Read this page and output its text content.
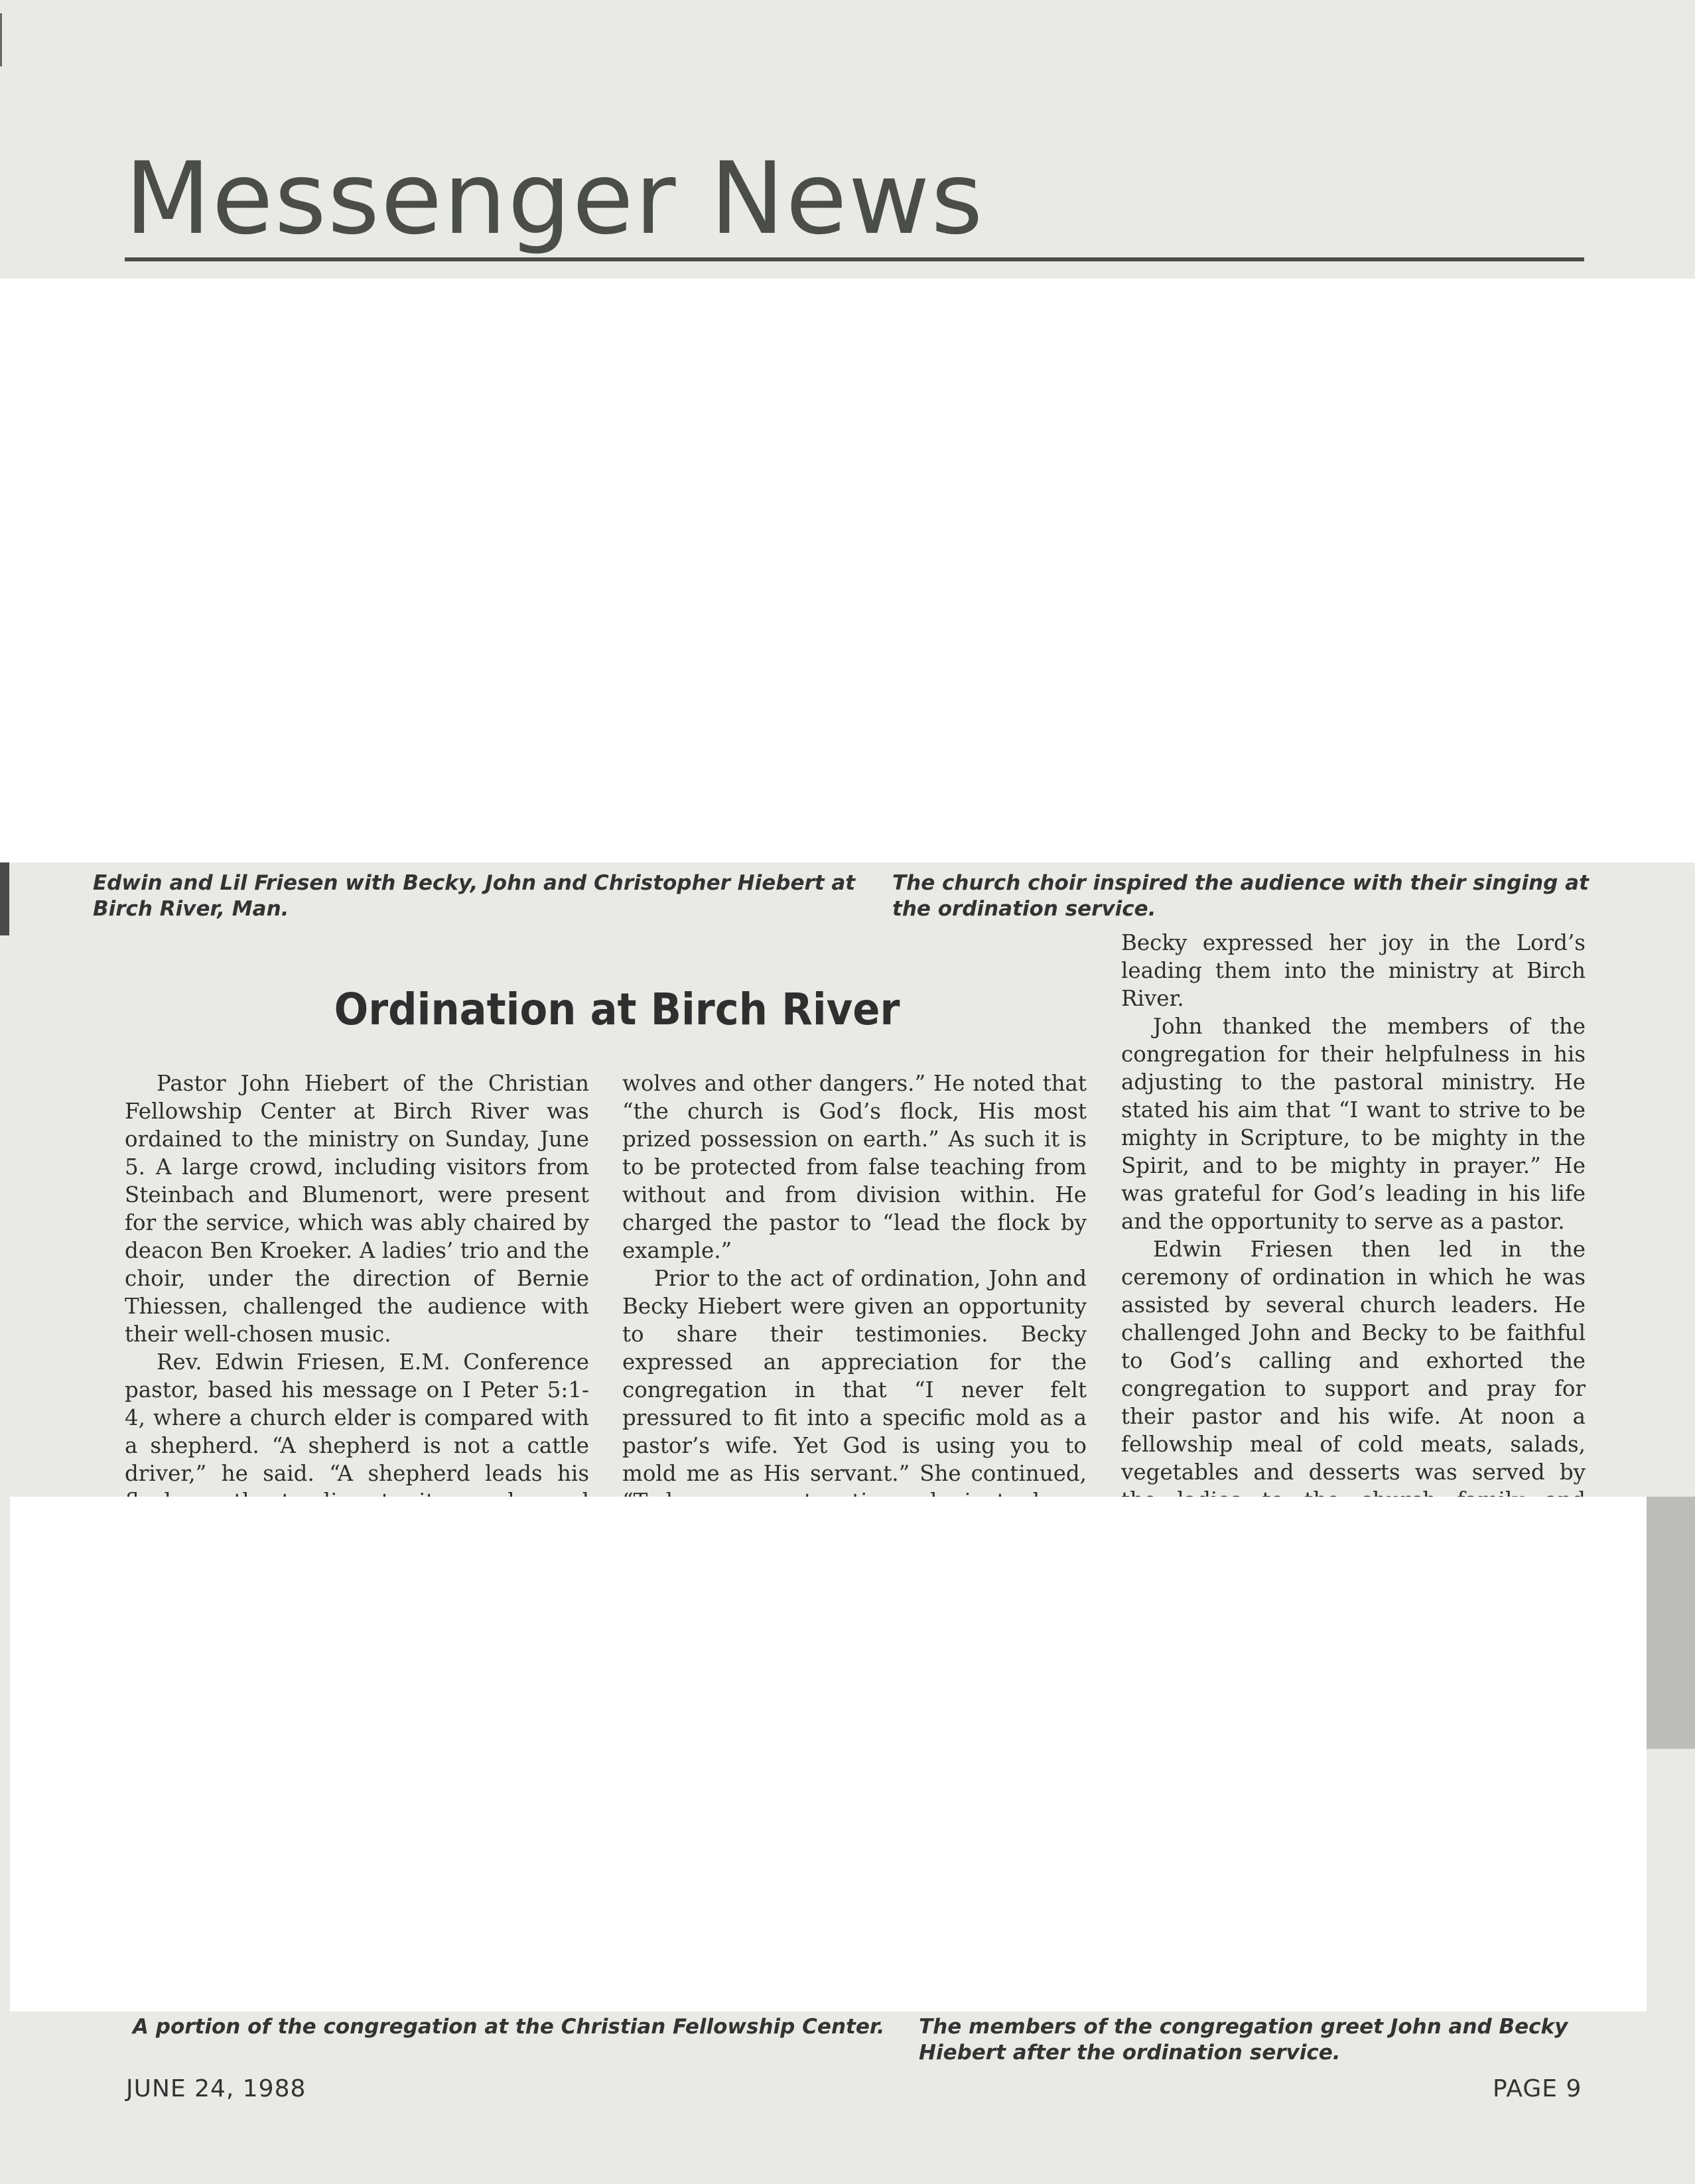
Messenger News

Edwin and Lil Friesen with Becky, John and Christopher Hiebert at Birch River, Man.

The church choir inspired the audience with their singing at the ordination service.

Ordination at Birch River

Pastor John Hiebert of the Christian Fellowship Center at Birch River was ordained to the ministry on Sunday, June 5. A large crowd, including visitors from Steinbach and Blumenort, were present for the service, which was ably chaired by deacon Ben Kroeker. A ladies’ trio and the choir, under the direction of Bernie Thiessen, challenged the audience with their well-chosen music.

Rev. Edwin Friesen, E.M. Conference pastor, based his message on I Peter 5:1-4, where a church elder is compared with a shepherd. “A shepherd is not a cattle driver,” he said. “A shepherd leads his

wolves and other dangers.” He noted that “the church is God’s flock, His most prized possession on earth.” As such it is to be protected from false teaching from without and from division within. He charged the pastor to “lead the flock by example.”

Prior to the act of ordination, John and Becky Hiebert were given an opportunity to share their testimonies. Becky expressed an appreciation for the congregation in that “I never felt pressured to fit into a specific mold as a pastor’s wife. Yet God is using you to mold me as His servant.” She continued,

Becky expressed her joy in the Lord’s leading them into the ministry at Birch River.

John thanked the members of the congregation for their helpfulness in his adjusting to the pastoral ministry. He stated his aim that “I want to strive to be mighty in Scripture, to be mighty in the Spirit, and to be mighty in prayer.” He was grateful for God’s leading in his life and the opportunity to serve as a pastor.

Edwin Friesen then led in the ceremony of ordination in which he was assisted by several church leaders. He challenged John and Becky to be faithful to God’s calling and exhorted the congregation to support and pray for their pastor and his wife. At noon a fellowship meal of cold meats, salads, vegetables and desserts was served by

A portion of the congregation at the Christian Fellowship Center.	The members of the congregation greet John and Becky Hiebert after the ordination service.

JUNE 24, 1988	PAGE 9
